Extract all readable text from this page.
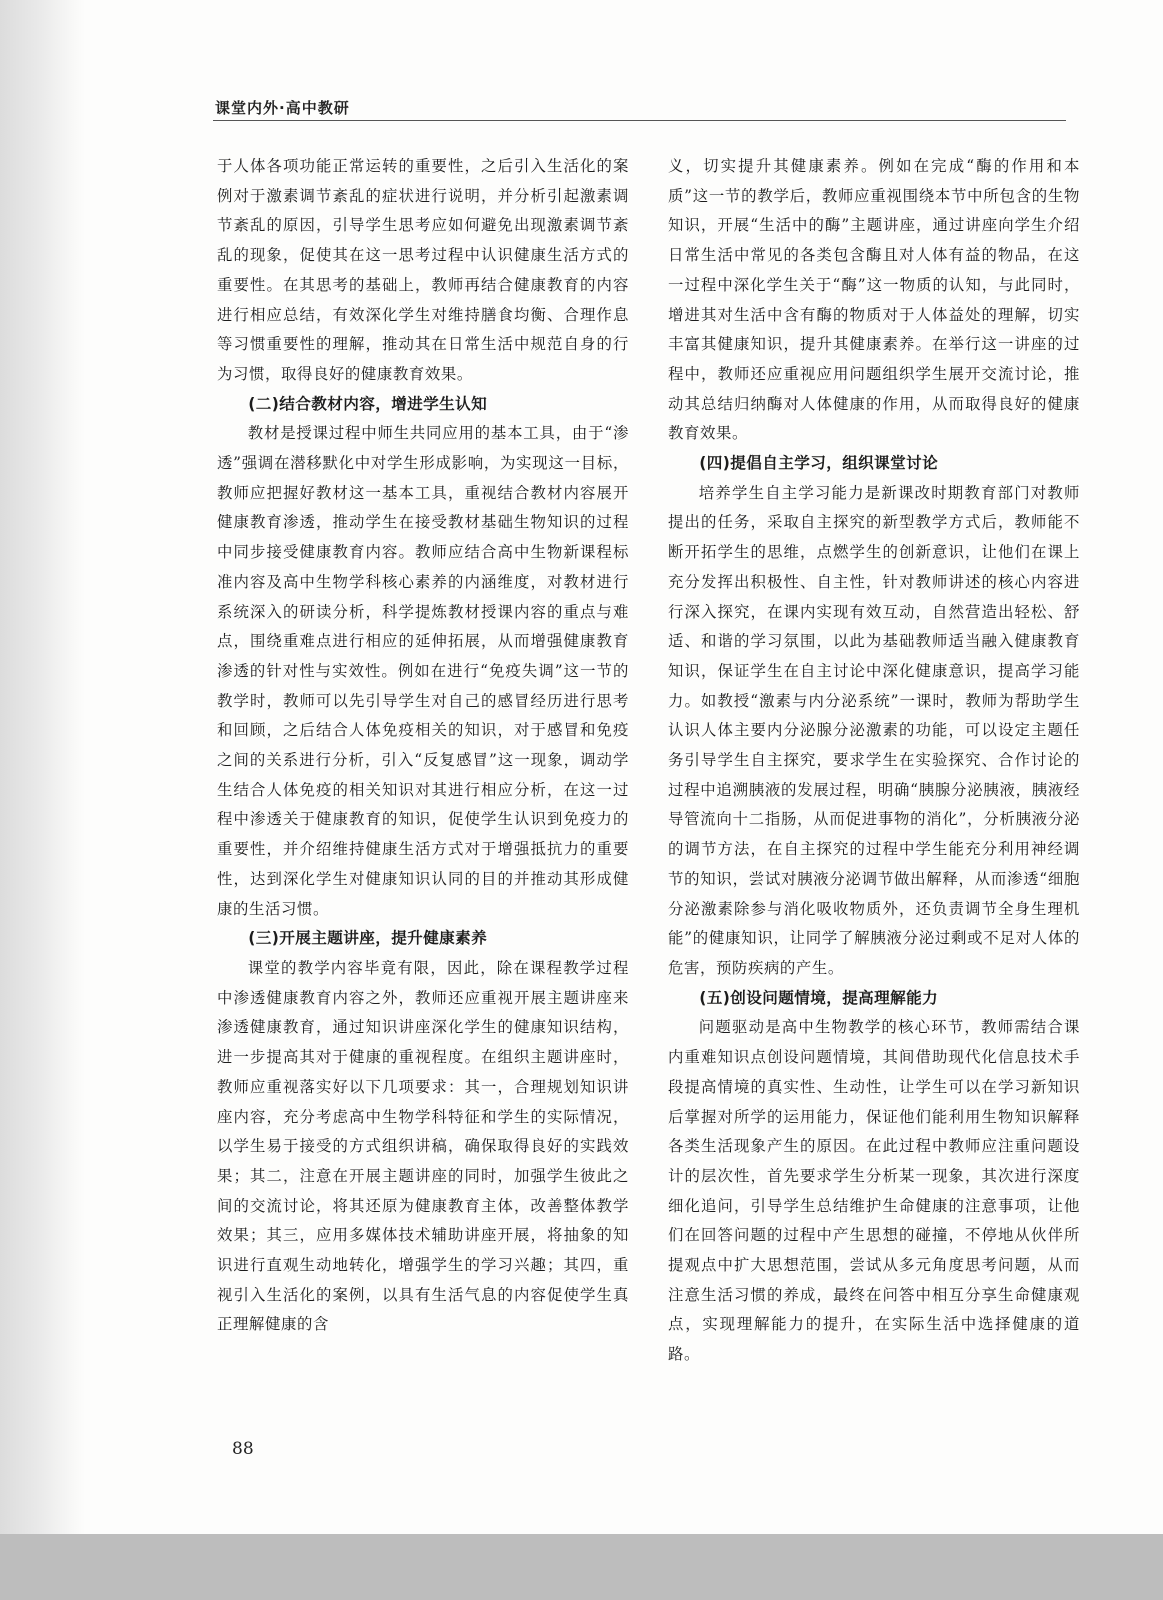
课堂内外·高中教研

于人体各项功能正常运转的重要性，之后引入生活化的案例对于激素调节紊乱的症状进行说明，并分析引起激素调节紊乱的原因，引导学生思考应如何避免出现激素调节紊乱的现象，促使其在这一思考过程中认识健康生活方式的重要性。在其思考的基础上，教师再结合健康教育的内容进行相应总结，有效深化学生对维持膳食均衡、合理作息等习惯重要性的理解，推动其在日常生活中规范自身的行为习惯，取得良好的健康教育效果。

(二)结合教材内容，增进学生认知

教材是授课过程中师生共同应用的基本工具，由于“渗透”强调在潜移默化中对学生形成影响，为实现这一目标，教师应把握好教材这一基本工具，重视结合教材内容展开健康教育渗透，推动学生在接受教材基础生物知识的过程中同步接受健康教育内容。教师应结合高中生物新课程标准内容及高中生物学科核心素养的内涵维度，对教材进行系统深入的研读分析，科学提炼教材授课内容的重点与难点，围绕重难点进行相应的延伸拓展，从而增强健康教育渗透的针对性与实效性。例如在进行“免疫失调”这一节的教学时，教师可以先引导学生对自己的感冒经历进行思考和回顾，之后结合人体免疫相关的知识，对于感冒和免疫之间的关系进行分析，引入“反复感冒”这一现象，调动学生结合人体免疫的相关知识对其进行相应分析，在这一过程中渗透关于健康教育的知识，促使学生认识到免疫力的重要性，并介绍维持健康生活方式对于增强抵抗力的重要性，达到深化学生对健康知识认同的目的并推动其形成健康的生活习惯。

(三)开展主题讲座，提升健康素养

课堂的教学内容毕竟有限，因此，除在课程教学过程中渗透健康教育内容之外，教师还应重视开展主题讲座来渗透健康教育，通过知识讲座深化学生的健康知识结构，进一步提高其对于健康的重视程度。在组织主题讲座时，教师应重视落实好以下几项要求：其一，合理规划知识讲座内容，充分考虑高中生物学科特征和学生的实际情况，以学生易于接受的方式组织讲稿，确保取得良好的实践效果；其二，注意在开展主题讲座的同时，加强学生彼此之间的交流讨论，将其还原为健康教育主体，改善整体教学效果；其三，应用多媒体技术辅助讲座开展，将抽象的知识进行直观生动地转化，增强学生的学习兴趣；其四，重视引入生活化的案例，以具有生活气息的内容促使学生真正理解健康的含

义，切实提升其健康素养。例如在完成“酶的作用和本质”这一节的教学后，教师应重视围绕本节中所包含的生物知识，开展“生活中的酶”主题讲座，通过讲座向学生介绍日常生活中常见的各类包含酶且对人体有益的物品，在这一过程中深化学生关于“酶”这一物质的认知，与此同时，增进其对生活中含有酶的物质对于人体益处的理解，切实丰富其健康知识，提升其健康素养。在举行这一讲座的过程中，教师还应重视应用问题组织学生展开交流讨论，推动其总结归纳酶对人体健康的作用，从而取得良好的健康教育效果。

(四)提倡自主学习，组织课堂讨论

培养学生自主学习能力是新课改时期教育部门对教师提出的任务，采取自主探究的新型教学方式后，教师能不断开拓学生的思维，点燃学生的创新意识，让他们在课上充分发挥出积极性、自主性，针对教师讲述的核心内容进行深入探究，在课内实现有效互动，自然营造出轻松、舒适、和谐的学习氛围，以此为基础教师适当融入健康教育知识，保证学生在自主讨论中深化健康意识，提高学习能力。如教授“激素与内分泌系统”一课时，教师为帮助学生认识人体主要内分泌腺分泌激素的功能，可以设定主题任务引导学生自主探究，要求学生在实验探究、合作讨论的过程中追溯胰液的发展过程，明确“胰腺分泌胰液，胰液经导管流向十二指肠，从而促进事物的消化”，分析胰液分泌的调节方法，在自主探究的过程中学生能充分利用神经调节的知识，尝试对胰液分泌调节做出解释，从而渗透“细胞分泌激素除参与消化吸收物质外，还负责调节全身生理机能”的健康知识，让同学了解胰液分泌过剩或不足对人体的危害，预防疾病的产生。

(五)创设问题情境，提高理解能力

问题驱动是高中生物教学的核心环节，教师需结合课内重难知识点创设问题情境，其间借助现代化信息技术手段提高情境的真实性、生动性，让学生可以在学习新知识后掌握对所学的运用能力，保证他们能利用生物知识解释各类生活现象产生的原因。在此过程中教师应注重问题设计的层次性，首先要求学生分析某一现象，其次进行深度细化追问，引导学生总结维护生命健康的注意事项，让他们在回答问题的过程中产生思想的碰撞，不停地从伙伴所提观点中扩大思想范围，尝试从多元角度思考问题，从而注意生活习惯的养成，最终在问答中相互分享生命健康观点，实现理解能力的提升，在实际生活中选择健康的道路。

88
